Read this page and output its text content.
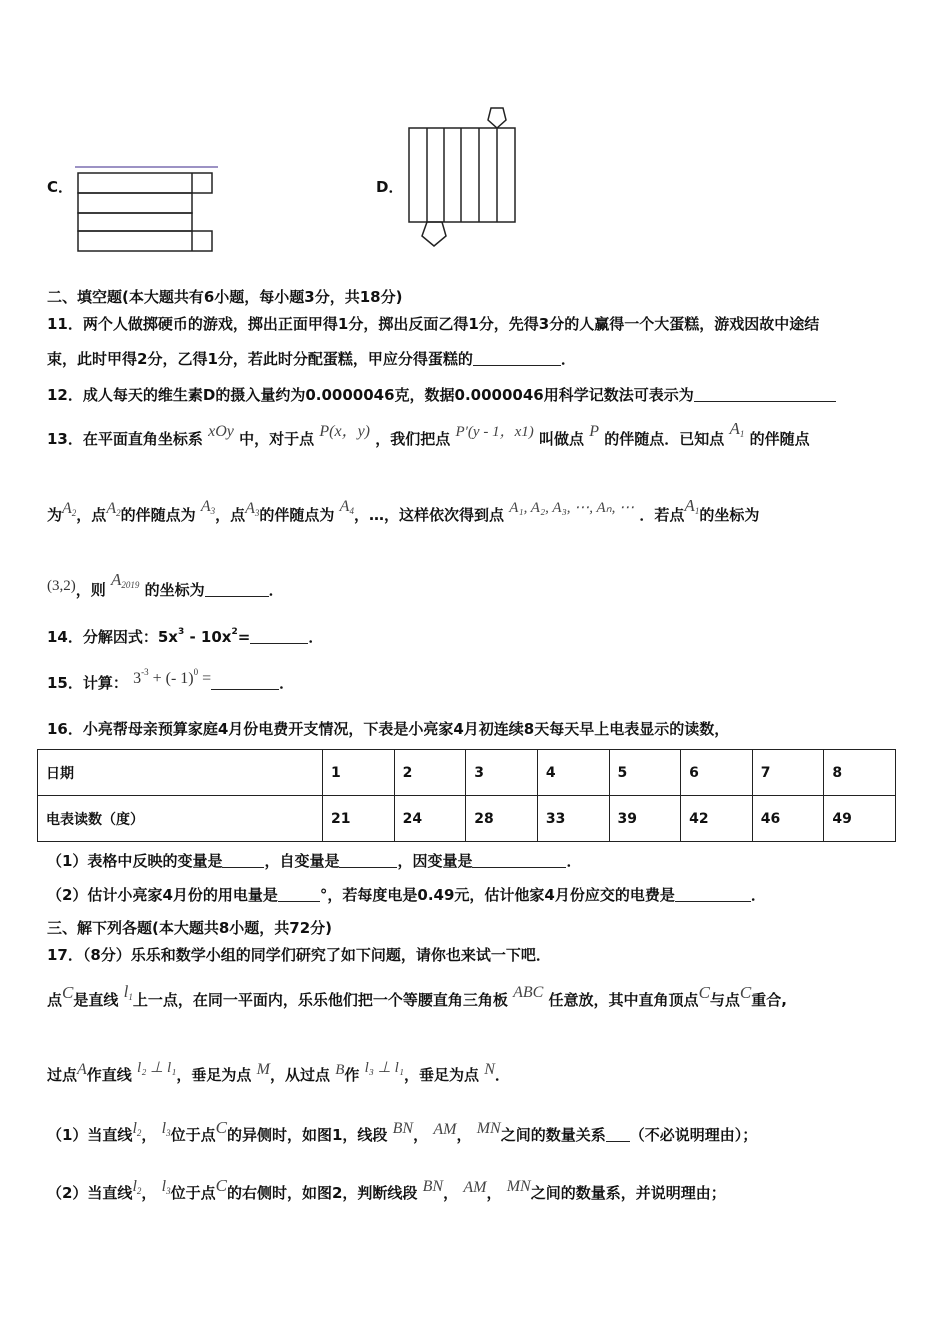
C．	D．
二、填空题(本大题共有6小题，每小题3分，共18分)
11．两个人做掷硬币的游戏，掷出正面甲得1分，掷出反面乙得1分，先得3分的人赢得一个大蛋糕，游戏因故中途结
束，此时甲得2分，乙得1分，若此时分配蛋糕，甲应分得蛋糕的	．
12．成人每天的维生素D的摄入量约为0.0000046克，数据0.0000046用科学记数法可表示为
13．在平面直角坐标系 xOy 中，对于点 P(x，y) ，我们把点 P′(y - 1，x1) 叫做点 P 的伴随点．已知点 $A_1$ 的伴随点
为$A_2$，点$A_2$的伴随点为 $A_3$，点$A_3$的伴随点为 $A_4$，…，这样依次得到点 A₁, A₂, A₃, ⋯, Aₙ, ⋯ ．若点$A_1$的坐标为
(3,2)，则 $A_{2019}$ 的坐标为	．
14．分解因式：$5x^3 - 10x^2=$	．
15．计算： $3^{-3}$ + (- 1)$^0$ =	．
16．小亮帮母亲预算家庭4月份电费开支情况，下表是小亮家4月初连续8天每天早上电表显示的读数，
日期	1	2	3	4	5	6	7	8
电表读数（度）	21	24	28	33	39	42	46	49
（1）表格中反映的变量是	，自变量是	，因变量是	．
（2）估计小亮家4月份的用电量是	°，若每度电是0.49元，估计他家4月份应交的电费是	．
三、解下列各题(本大题共8小题，共72分)
17．（8分）乐乐和数学小组的同学们研究了如下问题，请你也来试一下吧．
点C是直线 $l_1$上一点，在同一平面内，乐乐他们把一个等腰直角三角板 ABC 任意放，其中直角顶点C与点C重合,
过点A作直线 l₂ ⊥ l₁，垂足为点 M，从过点 B作 l₃ ⊥ l₁，垂足为点 N．
（1）当直线$l_2$， $l_3$位于点C的异侧时，如图1，线段 BN， AM， MN之间的数量关系 （不必说明理由）；
（2）当直线$l_2$， $l_3$位于点C的右侧时，如图2，判断线段 BN， AM， MN之间的数量系，并说明理由；
